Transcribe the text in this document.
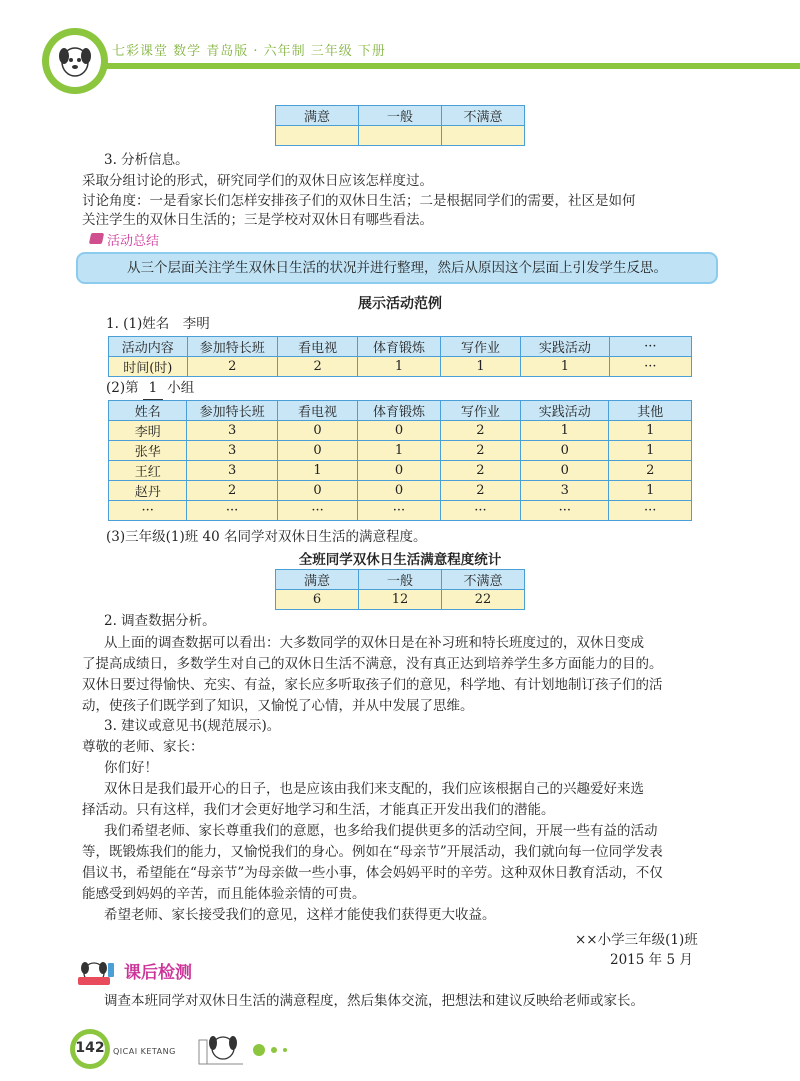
七彩课堂 数学 青岛版 · 六年制 三年级 下册
满意	一般	不满意

3. 分析信息。
采取分组讨论的形式，研究同学们的双休日应该怎样度过。
讨论角度：一是看家长们怎样安排孩子们的双休日生活；二是根据同学们的需要，社区是如何
关注学生的双休日生活的；三是学校对双休日有哪些看法。
活动总结
从三个层面关注学生双休日生活的状况并进行整理，然后从原因这个层面上引发学生反思。
展示活动范例
1. (1)姓名　李明
活动内容	参加特长班	看电视	体育锻炼	写作业	实践活动	···
时间(时)	2	2	1	1	1	···
(2)第 1 小组
姓名	参加特长班	看电视	体育锻炼	写作业	实践活动	其他
李明	3	0	0	2	1	1
张华	3	0	1	2	0	1
王红	3	1	0	2	0	2
赵丹	2	0	0	2	3	1
···	···	···	···	···	···	···
(3)三年级(1)班 40 名同学对双休日生活的满意程度。
全班同学双休日生活满意程度统计
满意	一般	不满意
6	12	22
2. 调查数据分析。
从上面的调查数据可以看出：大多数同学的双休日是在补习班和特长班度过的，双休日变成
了提高成绩日，多数学生对自己的双休日生活不满意，没有真正达到培养学生多方面能力的目的。
双休日要过得愉快、充实、有益，家长应多听取孩子们的意见，科学地、有计划地制订孩子们的活
动，使孩子们既学到了知识，又愉悦了心情，并从中发展了思维。
3. 建议或意见书(规范展示)。
尊敬的老师、家长：
你们好！
双休日是我们最开心的日子，也是应该由我们来支配的，我们应该根据自己的兴趣爱好来选
择活动。只有这样，我们才会更好地学习和生活，才能真正开发出我们的潜能。
我们希望老师、家长尊重我们的意愿，也多给我们提供更多的活动空间，开展一些有益的活动
等，既锻炼我们的能力，又愉悦我们的身心。例如在“母亲节”开展活动，我们就向每一位同学发表
倡议书，希望能在“母亲节”为母亲做一些小事，体会妈妈平时的辛劳。这种双休日教育活动，不仅
能感受到妈妈的辛苦，而且能体验亲情的可贵。
希望老师、家长接受我们的意见，这样才能使我们获得更大收益。
××小学三年级(1)班
2015 年 5 月
课后检测
调查本班同学对双休日生活的满意程度，然后集体交流，把想法和建议反映给老师或家长。
142	QICAI KETANG
